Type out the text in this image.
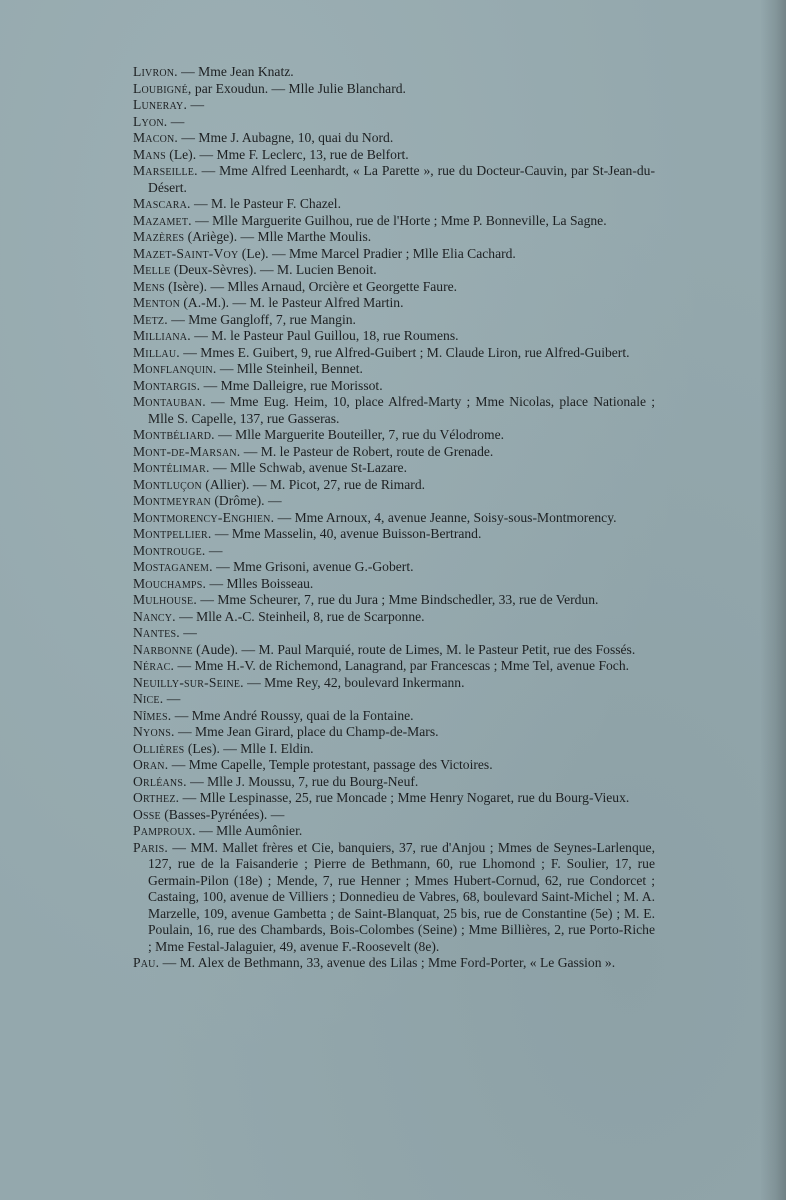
Livron. — Mme Jean Knatz.
Loubigné, par Exoudun. — Mlle Julie Blanchard.
Luneray. —
Lyon. —
Macon. — Mme J. Aubagne, 10, quai du Nord.
Mans (Le). — Mme F. Leclerc, 13, rue de Belfort.
Marseille. — Mme Alfred Leenhardt, « La Parette », rue du Docteur-Cauvin, par St-Jean-du-Désert.
Mascara. — M. le Pasteur F. Chazel.
Mazamet. — Mlle Marguerite Guilhou, rue de l'Horte ; Mme P. Bonneville, La Sagne.
Mazères (Ariège). — Mlle Marthe Moulis.
Mazet-Saint-Voy (Le). — Mme Marcel Pradier ; Mlle Elia Cachard.
Melle (Deux-Sèvres). — M. Lucien Benoit.
Mens (Isère). — Mlles Arnaud, Orcière et Georgette Faure.
Menton (A.-M.). — M. le Pasteur Alfred Martin.
Metz. — Mme Gangloff, 7, rue Mangin.
Milliana. — M. le Pasteur Paul Guillou, 18, rue Roumens.
Millau. — Mmes E. Guibert, 9, rue Alfred-Guibert ; M. Claude Liron, rue Alfred-Guibert.
Monflanquin. — Mlle Steinheil, Bennet.
Montargis. — Mme Dalleigre, rue Morissot.
Montauban. — Mme Eug. Heim, 10, place Alfred-Marty ; Mme Nicolas, place Nationale ; Mlle S. Capelle, 137, rue Gasseras.
Montbéliard. — Mlle Marguerite Bouteiller, 7, rue du Vélodrome.
Mont-de-Marsan. — M. le Pasteur de Robert, route de Grenade.
Montélimar. — Mlle Schwab, avenue St-Lazare.
Montluçon (Allier). — M. Picot, 27, rue de Rimard.
Montmeyran (Drôme). —
Montmorency-Enghien. — Mme Arnoux, 4, avenue Jeanne, Soisy-sous-Montmorency.
Montpellier. — Mme Masselin, 40, avenue Buisson-Bertrand.
Montrouge. —
Mostaganem. — Mme Grisoni, avenue G.-Gobert.
Mouchamps. — Mlles Boisseau.
Mulhouse. — Mme Scheurer, 7, rue du Jura ; Mme Bindschedler, 33, rue de Verdun.
Nancy. — Mlle A.-C. Steinheil, 8, rue de Scarponne.
Nantes. —
Narbonne (Aude). — M. Paul Marquié, route de Limes, M. le Pasteur Petit, rue des Fossés.
Nérac. — Mme H.-V. de Richemond, Lanagrand, par Francescas ; Mme Tel, avenue Foch.
Neuilly-sur-Seine. — Mme Rey, 42, boulevard Inkermann.
Nice. —
Nîmes. — Mme André Roussy, quai de la Fontaine.
Nyons. — Mme Jean Girard, place du Champ-de-Mars.
Ollières (Les). — Mlle I. Eldin.
Oran. — Mme Capelle, Temple protestant, passage des Victoires.
Orléans. — Mlle J. Moussu, 7, rue du Bourg-Neuf.
Orthez. — Mlle Lespinasse, 25, rue Moncade ; Mme Henry Nogaret, rue du Bourg-Vieux.
Osse (Basses-Pyrénées). —
Pamproux. — Mlle Aumônier.
Paris. — MM. Mallet frères et Cie, banquiers, 37, rue d'Anjou ; Mmes de Seynes-Larlenque, 127, rue de la Faisanderie ; Pierre de Bethmann, 60, rue Lhomond ; F. Soulier, 17, rue Germain-Pilon (18e) ; Mende, 7, rue Henner ; Mmes Hubert-Cornud, 62, rue Condorcet ; Castaing, 100, avenue de Villiers ; Donnedieu de Vabres, 68, boulevard Saint-Michel ; M. A. Marzelle, 109, avenue Gambetta ; de Saint-Blanquat, 25 bis, rue de Constantine (5e) ; M. E. Poulain, 16, rue des Chambards, Bois-Colombes (Seine) ; Mme Billières, 2, rue Porto-Riche ; Mme Festal-Jalaguier, 49, avenue F.-Roosevelt (8e).
Pau. — M. Alex de Bethmann, 33, avenue des Lilas ; Mme Ford-Porter, « Le Gassion ».
